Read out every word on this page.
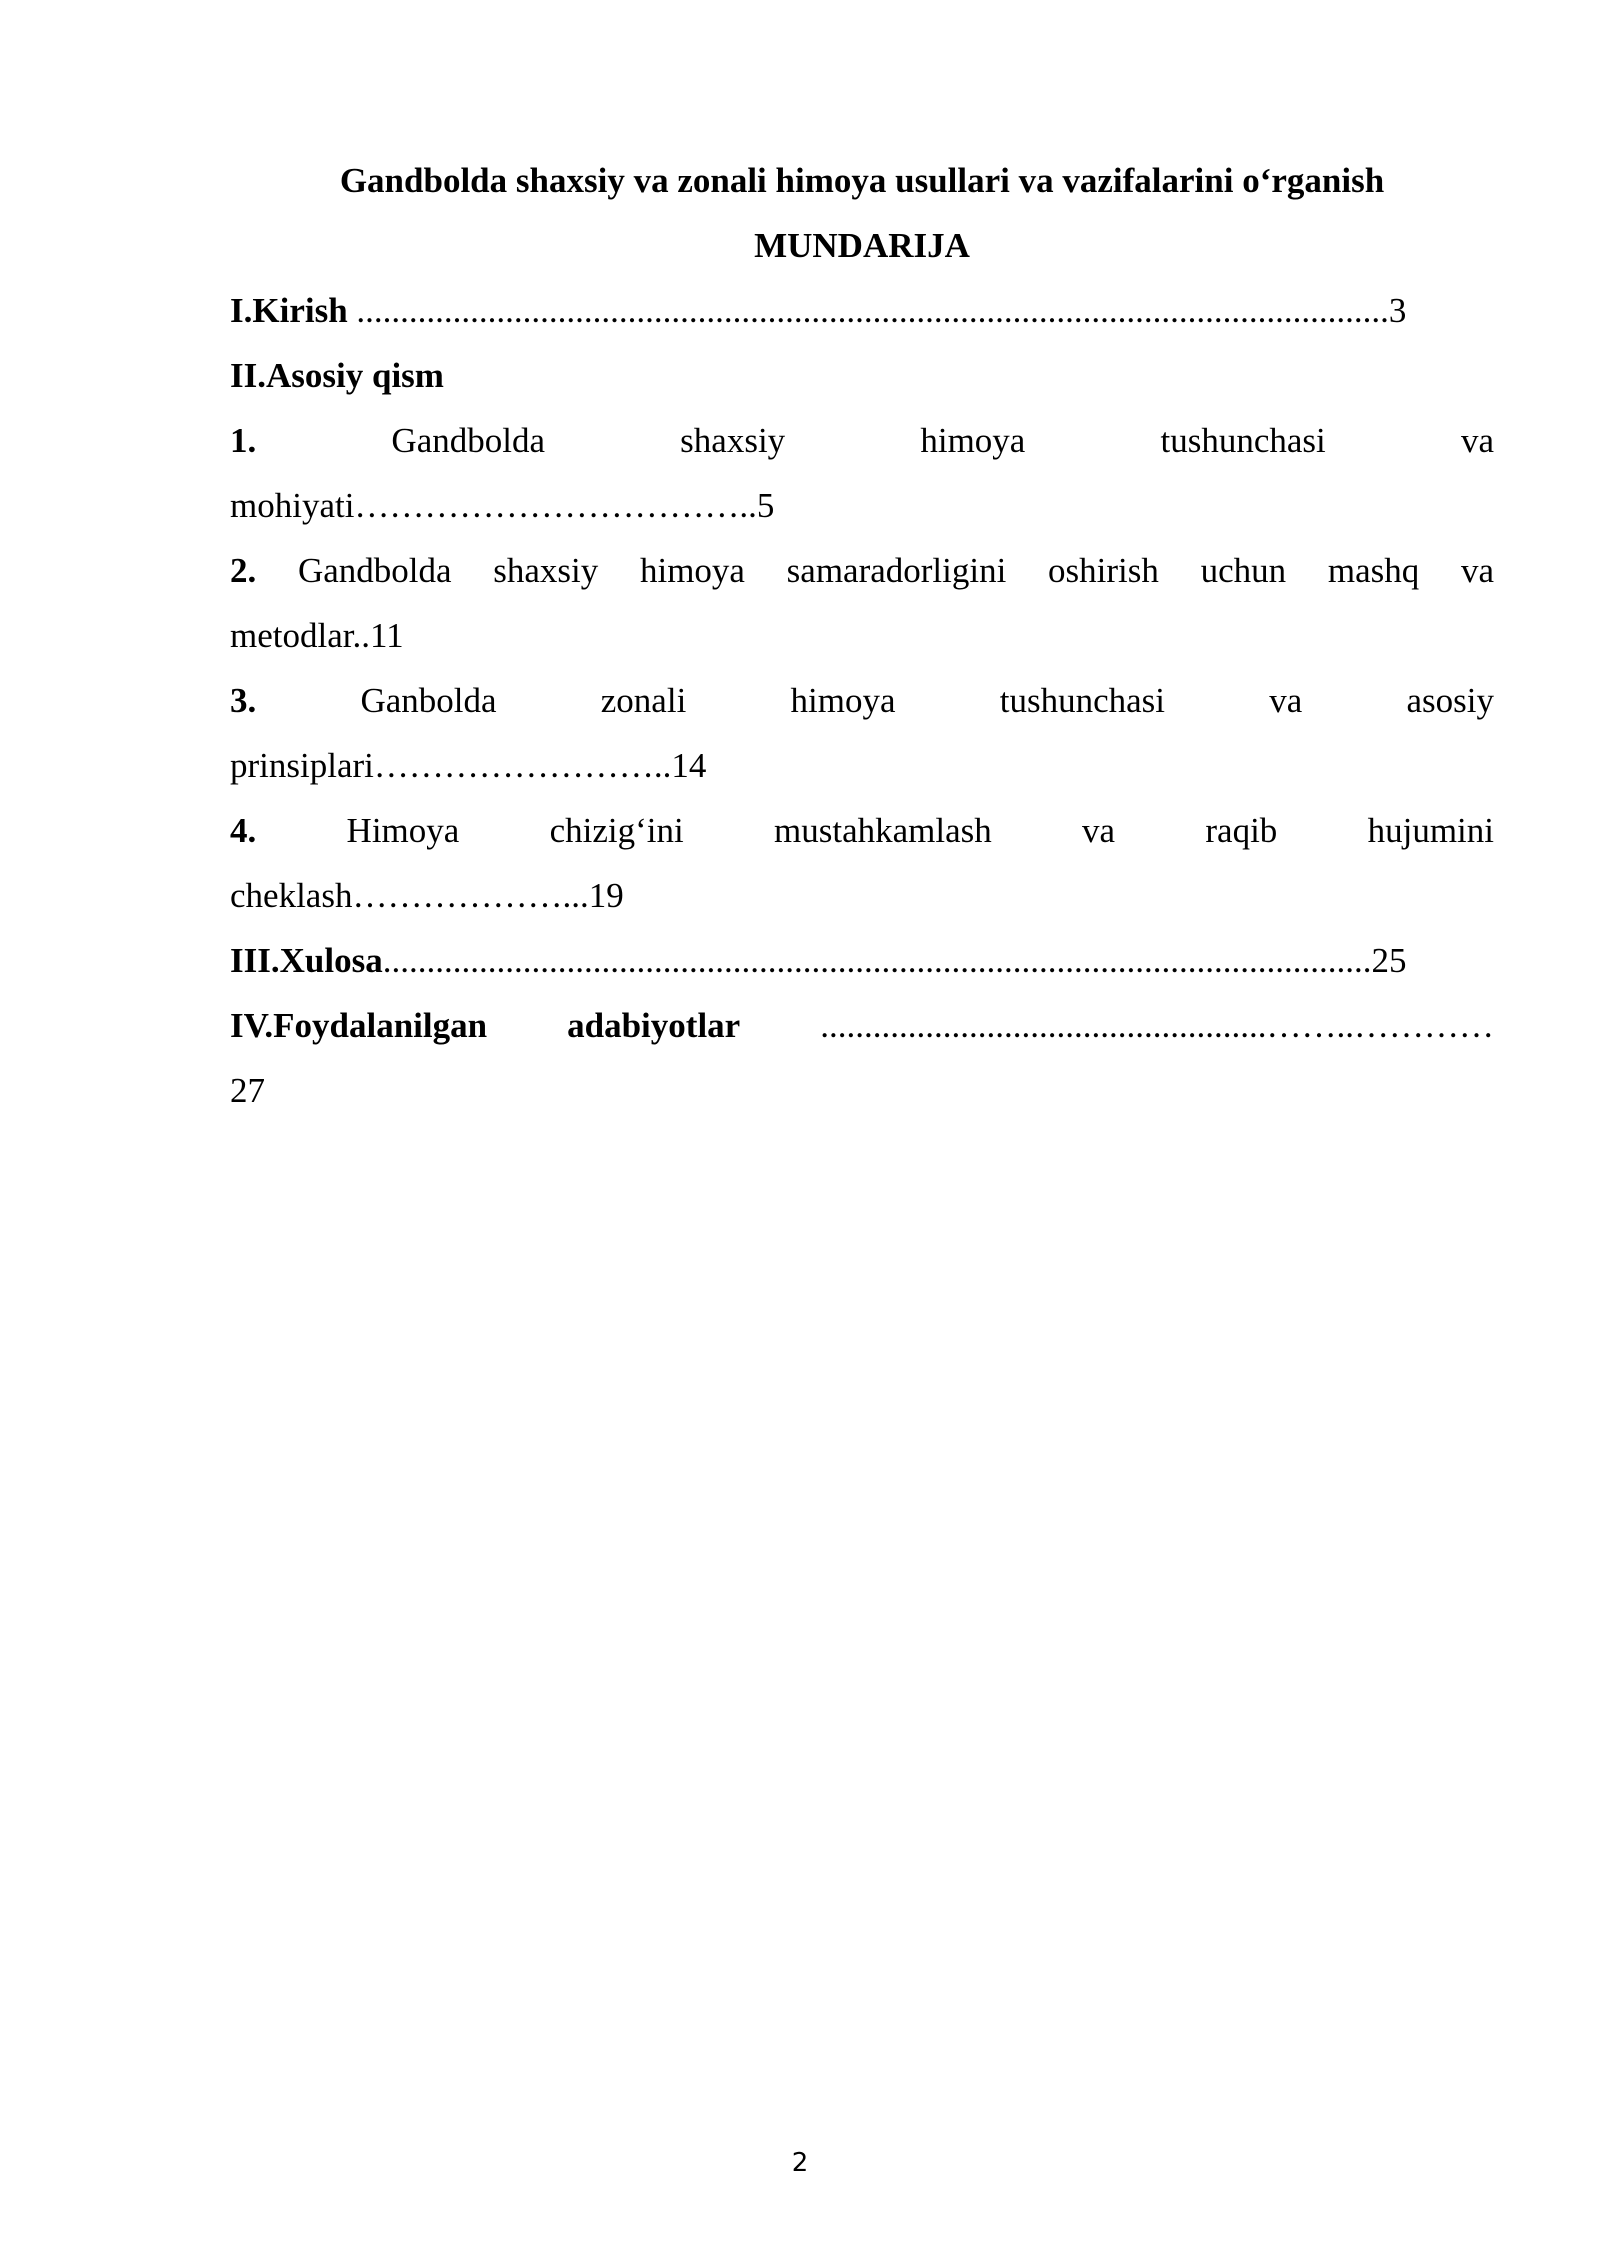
Gandbolda shaxsiy va zonali himoya usullari va vazifalarini o‘rganish

MUNDARIJA

I.Kirish ......................................................................................................................3

II.Asosiy qism

1. Gandbolda shaxsiy himoya tushunchasi va

mohiyati……………………………..5

2. Gandbolda shaxsiy himoya samaradorligini oshirish uchun mashq va

metodlar..11

3. Ganbolda zonali himoya tushunchasi va asosiy

prinsiplari……………………..14

4. Himoya chizig‘ini mustahkamlash va raqib hujumini

cheklash………………...19

III.Xulosa.................................................................................................................25

IV.Foydalanilgan adabiyotlar ...................................................……..…………

27

2
